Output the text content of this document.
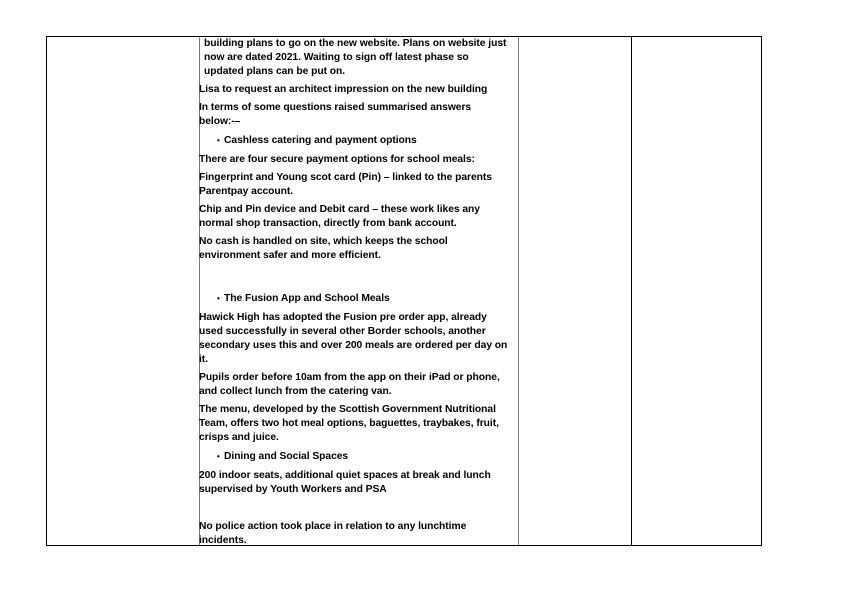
building plans to go on the new website. Plans on website just now are dated 2021. Waiting to sign off latest phase so updated plans can be put on.

Lisa to request an architect impression on the new building

In terms of some questions raised summarised answers below:-–

• Cashless catering and payment options

There are four secure payment options for school meals:

Fingerprint and Young scot card (Pin) – linked to the parents Parentpay account.

Chip and Pin device and Debit card – these work likes any normal shop transaction, directly from bank account.

No cash is handled on site, which keeps the school environment safer and more efficient.

• The Fusion App and School Meals

Hawick High has adopted the Fusion pre order app, already used successfully in several other Border schools, another secondary uses this and over 200 meals are ordered per day on it.

Pupils order before 10am from the app on their iPad or phone, and collect lunch from the catering van.

The menu, developed by the Scottish Government Nutritional Team, offers two hot meal options, baguettes, traybakes, fruit, crisps and juice.

• Dining and Social Spaces

200 indoor seats, additional quiet spaces at break and lunch supervised by Youth Workers and PSA

No police action took place in relation to any lunchtime incidents.
